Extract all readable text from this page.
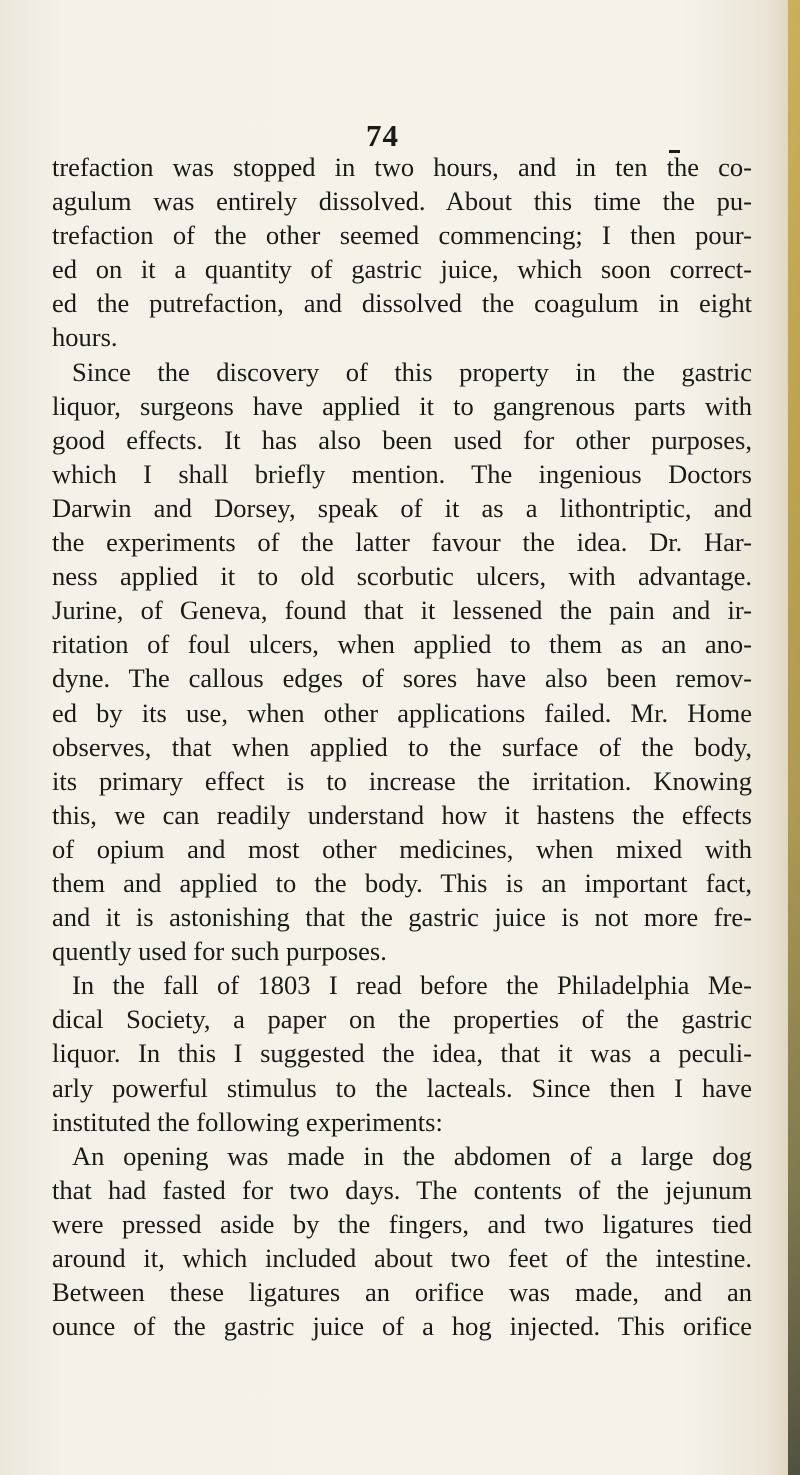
74
trefaction was stopped in two hours, and in ten the co-
agulum was entirely dissolved. About this time the pu-
trefaction of the other seemed commencing; I then pour-
ed on it a quantity of gastric juice, which soon correct-
ed the putrefaction, and dissolved the coagulum in eight
hours.
Since the discovery of this property in the gastric
liquor, surgeons have applied it to gangrenous parts with
good effects. It has also been used for other purposes,
which I shall briefly mention. The ingenious Doctors
Darwin and Dorsey, speak of it as a lithontriptic, and
the experiments of the latter favour the idea. Dr. Har-
ness applied it to old scorbutic ulcers, with advantage.
Jurine, of Geneva, found that it lessened the pain and ir-
ritation of foul ulcers, when applied to them as an ano-
dyne. The callous edges of sores have also been remov-
ed by its use, when other applications failed. Mr. Home
observes, that when applied to the surface of the body,
its primary effect is to increase the irritation. Knowing
this, we can readily understand how it hastens the effects
of opium and most other medicines, when mixed with
them and applied to the body. This is an important fact,
and it is astonishing that the gastric juice is not more fre-
quently used for such purposes.
In the fall of 1803 I read before the Philadelphia Me-
dical Society, a paper on the properties of the gastric
liquor. In this I suggested the idea, that it was a peculi-
arly powerful stimulus to the lacteals. Since then I have
instituted the following experiments:
An opening was made in the abdomen of a large dog
that had fasted for two days. The contents of the jejunum
were pressed aside by the fingers, and two ligatures tied
around it, which included about two feet of the intestine.
Between these ligatures an orifice was made, and an
ounce of the gastric juice of a hog injected. This orifice
